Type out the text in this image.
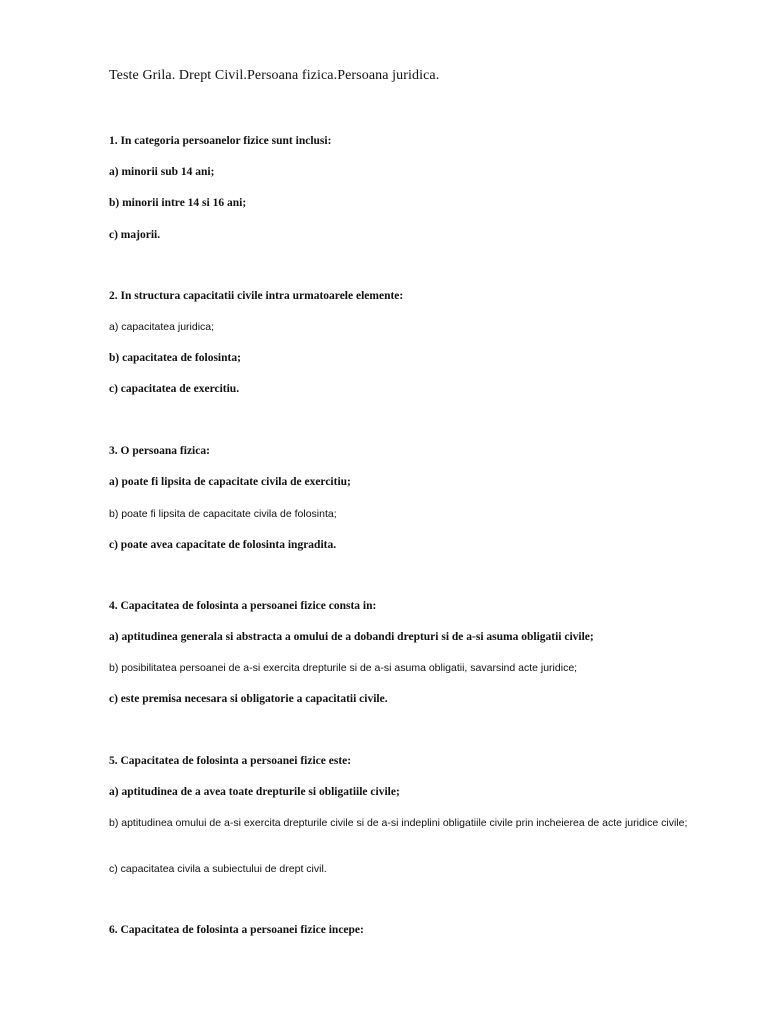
Teste Grila. Drept Civil.Persoana fizica.Persoana juridica.
1. In categoria persoanelor fizice sunt inclusi:
a) minorii sub 14 ani;
b) minorii intre 14 si 16 ani;
c) majorii.
2. In structura capacitatii civile intra urmatoarele elemente:
a) capacitatea juridica;
b) capacitatea de folosinta;
c) capacitatea de exercitiu.
3. O persoana fizica:
a) poate fi lipsita de capacitate civila de exercitiu;
b) poate fi lipsita de capacitate civila de folosinta;
c) poate avea capacitate de folosinta ingradita.
4. Capacitatea de folosinta a persoanei fizice consta in:
a) aptitudinea generala si abstracta a omului de a dobandi drepturi si de a-si asuma obligatii civile;
b) posibilitatea persoanei de a-si exercita drepturile si de a-si asuma obligatii, savarsind acte juridice;
c) este premisa necesara si obligatorie a capacitatii civile.
5. Capacitatea de folosinta a persoanei fizice este:
a) aptitudinea de a avea toate drepturile si obligatiile civile;
b) aptitudinea omului de a-si exercita drepturile civile si de a-si indeplini obligatiile civile prin incheierea de acte juridice civile;
c) capacitatea civila a subiectului de drept civil.
6. Capacitatea de folosinta a persoanei fizice incepe:
